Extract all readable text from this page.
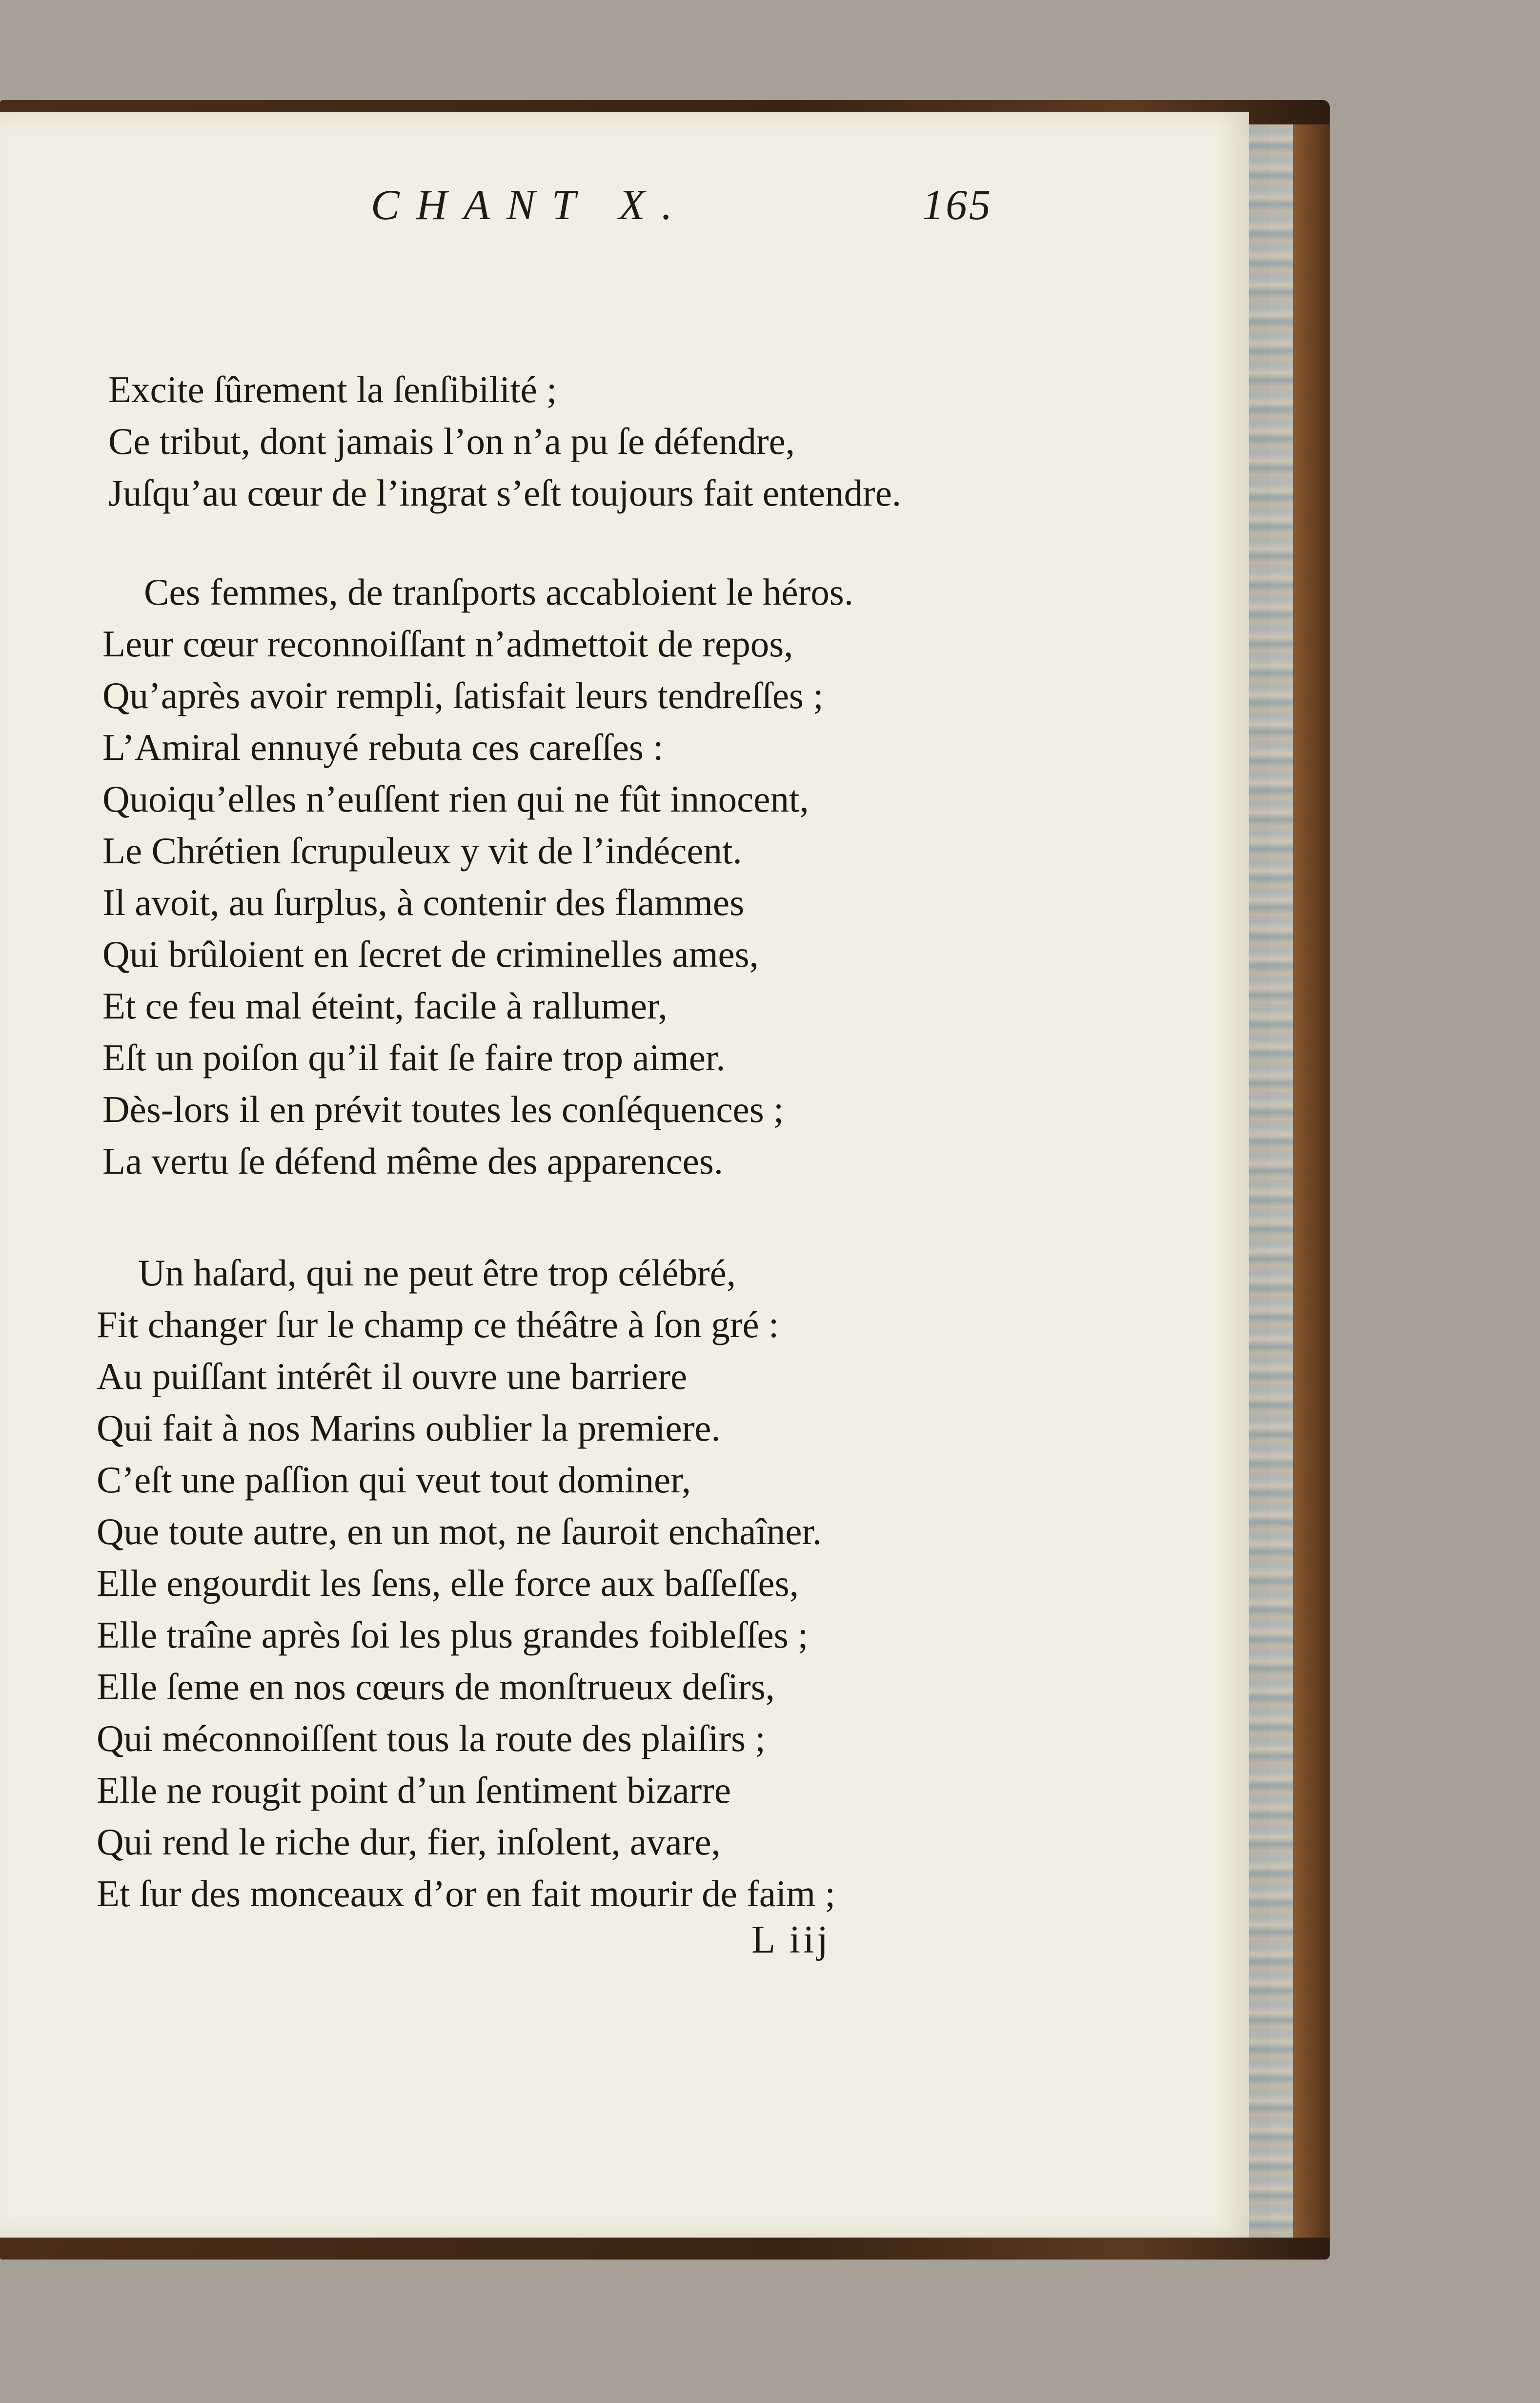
CHANT X.	165
Excite ſûrement la ſenſibilité ;
Ce tribut, dont jamais l’on n’a pu ſe défendre,
Juſqu’au cœur de l’ingrat s’eſt toujours fait entendre.
Ces femmes, de tranſports accabloient le héros.
Leur cœur reconnoiſſant n’admettoit de repos,
Qu’après avoir rempli, ſatisfait leurs tendreſſes ;
L’Amiral ennuyé rebuta ces careſſes :
Quoiqu’elles n’euſſent rien qui ne fût innocent,
Le Chrétien ſcrupuleux y vit de l’indécent.
Il avoit, au ſurplus, à contenir des flammes
Qui brûloient en ſecret de criminelles ames,
Et ce feu mal éteint, facile à rallumer,
Eſt un poiſon qu’il fait ſe faire trop aimer.
Dès-lors il en prévit toutes les conſéquences ;
La vertu ſe défend même des apparences.
Un haſard, qui ne peut être trop célébré,
Fit changer ſur le champ ce théâtre à ſon gré :
Au puiſſant intérêt il ouvre une barriere
Qui fait à nos Marins oublier la premiere.
C’eſt une paſſion qui veut tout dominer,
Que toute autre, en un mot, ne ſauroit enchaîner.
Elle engourdit les ſens, elle force aux baſſeſſes,
Elle traîne après ſoi les plus grandes foibleſſes ;
Elle ſeme en nos cœurs de monſtrueux deſirs,
Qui méconnoiſſent tous la route des plaiſirs ;
Elle ne rougit point d’un ſentiment bizarre
Qui rend le riche dur, fier, inſolent, avare,
Et ſur des monceaux d’or en fait mourir de faim ;
L iij
